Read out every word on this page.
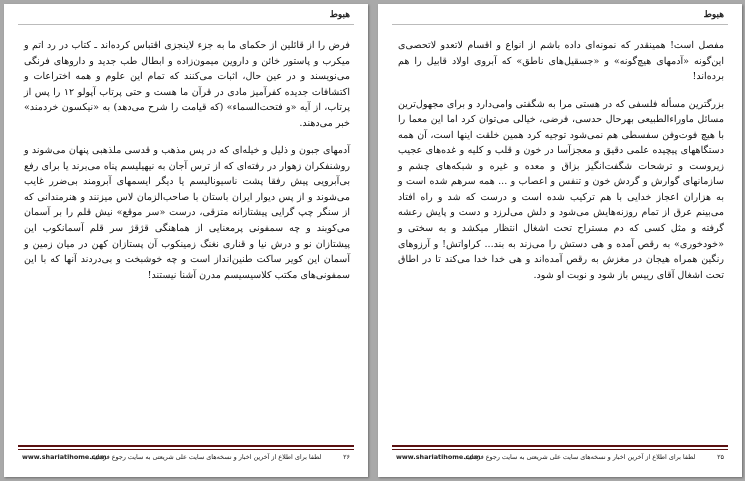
هبوط

فرض را از قائلین از حکمای ما به جزء لاینجزی اقتباس کرده‌اند ـ کتاب در رد اتم و میکرب و پاستور خائن و داروین میمون‌زاده و ابطال طب جدید و داروهای فرنگی می‌نویسند و در عین حال، اثبات می‌کنند که تمام این علوم و همه اختراعات و اکتشافات جدیده کفرآمیز مادی در قرآن ما هست و حتی پرتاب آپولو ۱۲ را پس از پرتاب، از آیه «و فتحت‌السماء» (که قیامت را شرح می‌دهد) به «نیکسون خردمند» خبر می‌دهند.

آدمهای جبون و ذلیل و خیله‌ای که در پس مذهب و قدسی ملذهبی پنهان می‌شوند و روشنفکران زهوار در رفته‌ای که از ترس آجان به نیهیلیسم پناه می‌برند یا برای رفع بی‌آبرویی پیش رفقا پشت ناسیونالیسم یا دیگر ایسمهای آبرومند بی‌ضرر غایب می‌شوند و از پس دیوار ایران باستان با صاحب‌الزمان لاس میزنند و هنرمندانی که از سنگر چپ گرایی پیشتازانه متزقی، درست «سر موقع» نیش قلم را بر آسمان می‌کوبند و چه سمفونی پرمعنایی از هماهنگی قژقژ سر قلم آسمانکوب این پیشتازان نو و درش نیا و قناری نغنگ زمینکوب آن پستازان کهن در میان زمین و آسمان این کویر ساکت طنین‌انداز است و چه خوشبخت و بی‌دردند آنها که با این سمفونی‌های مکتب کلاسیسیسم مدرن آشنا نیستند!

www.shariatihome.com
لطفا برای اطلاع از آخرین اخبار و نسخه‌های سایت علی شریعتی به سایت رجوع فرمایید	۲۶
هبوط

مفصل است! همینقدر که نمونه‌ای داده باشم از انواع و اقسام لاتعدو لاتحصی‌ی این‌گونه «آدمهای هیچ‌گونه» و «جسقیل‌های ناطق» که آبروی اولاد قابیل را هم برده‌اند!

بزرگترین مسأله فلسفی که در هستی مرا به شگفتی وامی‌دارد و برای مجهول‌ترین مسائل ماوراءالطبیعی بهرحال حدسی، فرضی، خیالی می‌توان کرد اما این معما را با هیچ فوت‌وفن سفسطی هم نمی‌شود توجیه کرد همین خلقت اینها است، آن همه دستگاههای پیچیده علمی دقیق و معجزآسا در خون و قلب و کلیه و غده‌های عجیب زیروست و ترشحات شگفت‌انگیز بزاق و معده و غیره و شبکه‌های چشم و سازمانهای گوارش و گردش خون و تنفس و اعصاب و ... همه سرهم شده است و به هزاران اعجاز خدایی با هم ترکیب شده است و درست که شد و راه افتاد می‌بینم عرق از تمام روزنه‌هایش می‌شود و دلش می‌لرزد و دست و پایش رعشه گرفته و مثل کسی که دم مستراح تحت اشغال انتظار میکشد و به سختی و «خودخوری» به رقص آمده و هی دستش را می‌زند به بند... کراواتش! و آرزوهای رنگین همراه هیجان در مغزش به رقص آمده‌اند و هی خدا خدا می‌کند تا در اطاق تحت اشغال آقای رییس باز شود و نوبت او شود.

www.shariatihome.com
لطفا برای اطلاع از آخرین اخبار و نسخه‌های سایت علی شریعتی به سایت رجوع فرمایید	۲۵
